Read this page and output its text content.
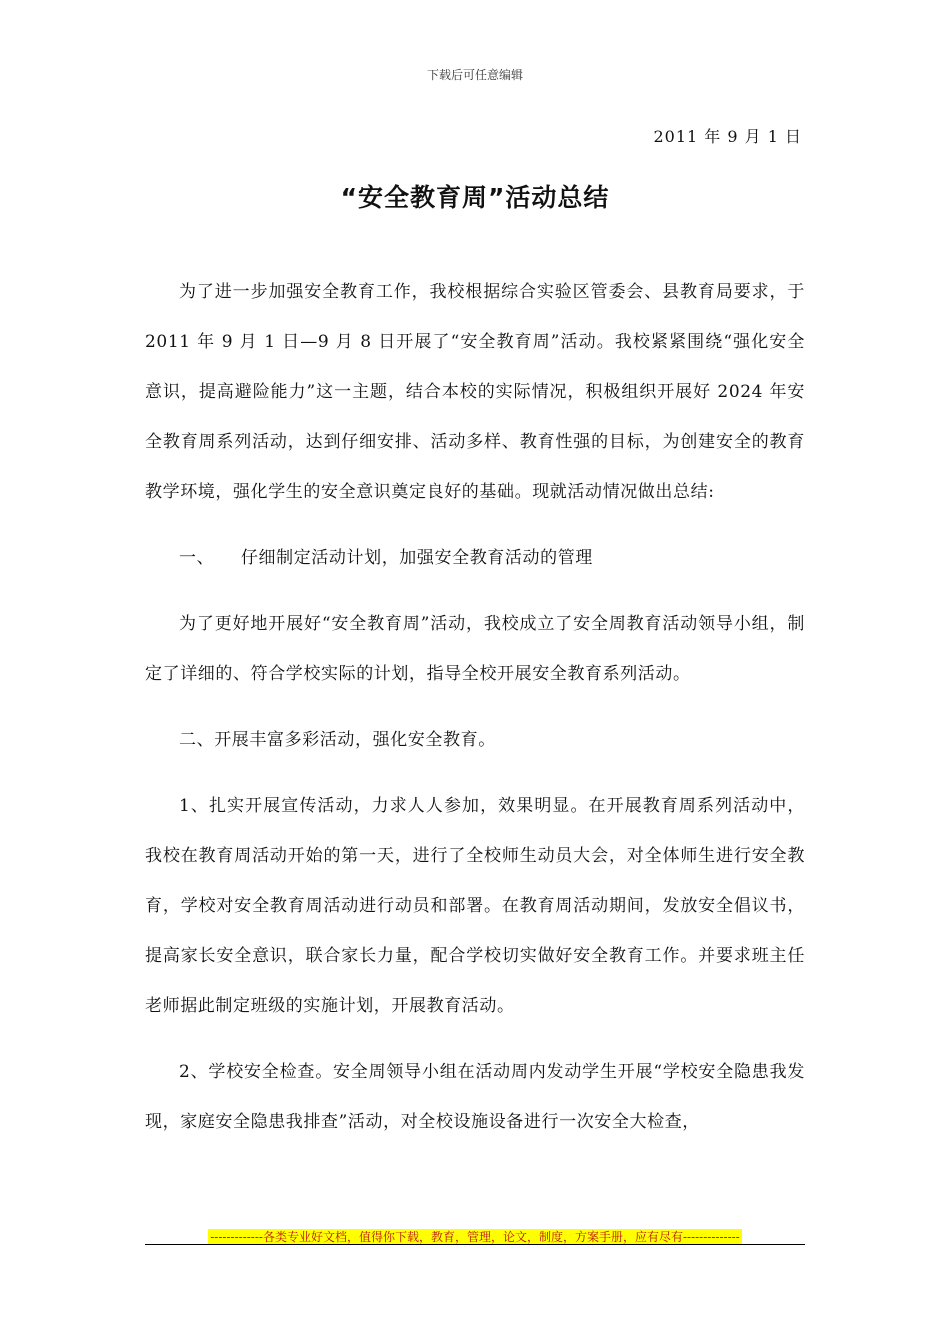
下载后可任意编辑
2011 年 9 月 1 日
“安全教育周”活动总结

为了进一步加强安全教育工作，我校根据综合实验区管委会、县教育局要求，于 2011 年 9 月 1 日—9 月 8 日开展了“安全教育周”活动。我校紧紧围绕“强化安全意识，提高避险能力”这一主题，结合本校的实际情况，积极组织开展好 2024 年安全教育周系列活动，达到仔细安排、活动多样、教育性强的目标，为创建安全的教育教学环境，强化学生的安全意识奠定良好的基础。现就活动情况做出总结:

一、　　仔细制定活动计划，加强安全教育活动的管理

为了更好地开展好“安全教育周”活动，我校成立了安全周教育活动领导小组，制定了详细的、符合学校实际的计划，指导全校开展安全教育系列活动。

二、开展丰富多彩活动，强化安全教育。

1、扎实开展宣传活动，力求人人参加，效果明显。在开展教育周系列活动中，我校在教育周活动开始的第一天，进行了全校师生动员大会，对全体师生进行安全教育，学校对安全教育周活动进行动员和部署。在教育周活动期间，发放安全倡议书，提高家长安全意识，联合家长力量，配合学校切实做好安全教育工作。并要求班主任老师据此制定班级的实施计划，开展教育活动。

2、学校安全检查。安全周领导小组在活动周内发动学生开展“学校安全隐患我发现，家庭安全隐患我排查”活动，对全校设施设备进行一次安全大检查，

-------------各类专业好文档，值得你下载，教育，管理，论文，制度，方案手册，应有尽有--------------
